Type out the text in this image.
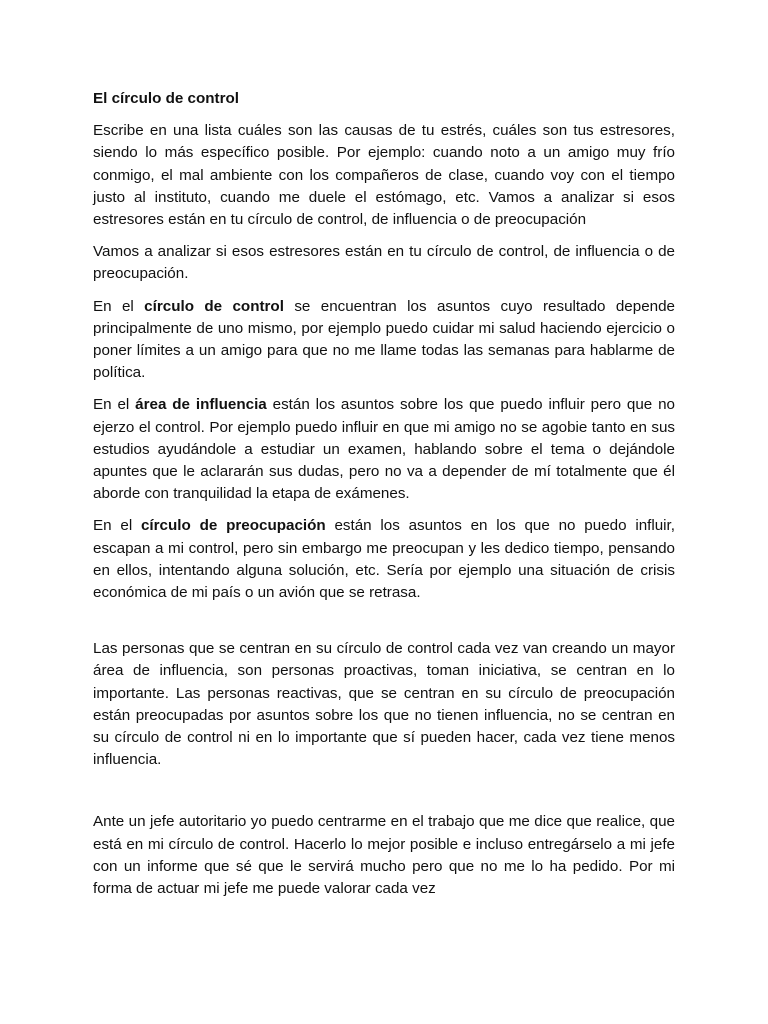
El círculo de control

Escribe en una lista cuáles son las causas de tu estrés, cuáles son tus estresores, siendo lo más específico posible. Por ejemplo: cuando noto a un amigo muy frío conmigo, el mal ambiente con los compañeros de clase, cuando voy con el tiempo justo al instituto, cuando me duele el estómago, etc. Vamos a analizar si esos estresores están en tu círculo de control, de influencia o de preocupación

Vamos a analizar si esos estresores están en tu círculo de control, de influencia o de preocupación.

En el círculo de control se encuentran los asuntos cuyo resultado depende principalmente de uno mismo, por ejemplo puedo cuidar mi salud haciendo ejercicio o poner límites a un amigo para que no me llame todas las semanas para hablarme de política.

En el área de influencia están los asuntos sobre los que puedo influir pero que no ejerzo el control. Por ejemplo puedo influir en que mi amigo no se agobie tanto en sus estudios ayudándole a estudiar un examen, hablando sobre el tema o dejándole apuntes que le aclararán sus dudas, pero no va a depender de mí totalmente que él aborde con tranquilidad la etapa de exámenes.

En el círculo de preocupación están los asuntos en los que no puedo influir, escapan a mi control, pero sin embargo me preocupan y les dedico tiempo, pensando en ellos, intentando alguna solución, etc. Sería por ejemplo una situación de crisis económica de mi país o un avión que se retrasa.

Las personas que se centran en su círculo de control cada vez van creando un mayor área de influencia, son personas proactivas, toman iniciativa, se centran en lo importante. Las personas reactivas, que se centran en su círculo de preocupación están preocupadas por asuntos sobre los que no tienen influencia, no se centran en su círculo de control ni en lo importante que sí pueden hacer, cada vez tiene menos influencia.

Ante un jefe autoritario yo puedo centrarme en el trabajo que me dice que realice, que está en mi círculo de control. Hacerlo lo mejor posible e incluso entregárselo a mi jefe con un informe que sé que le servirá mucho pero que no me lo ha pedido. Por mi forma de actuar mi jefe me puede valorar cada vez
